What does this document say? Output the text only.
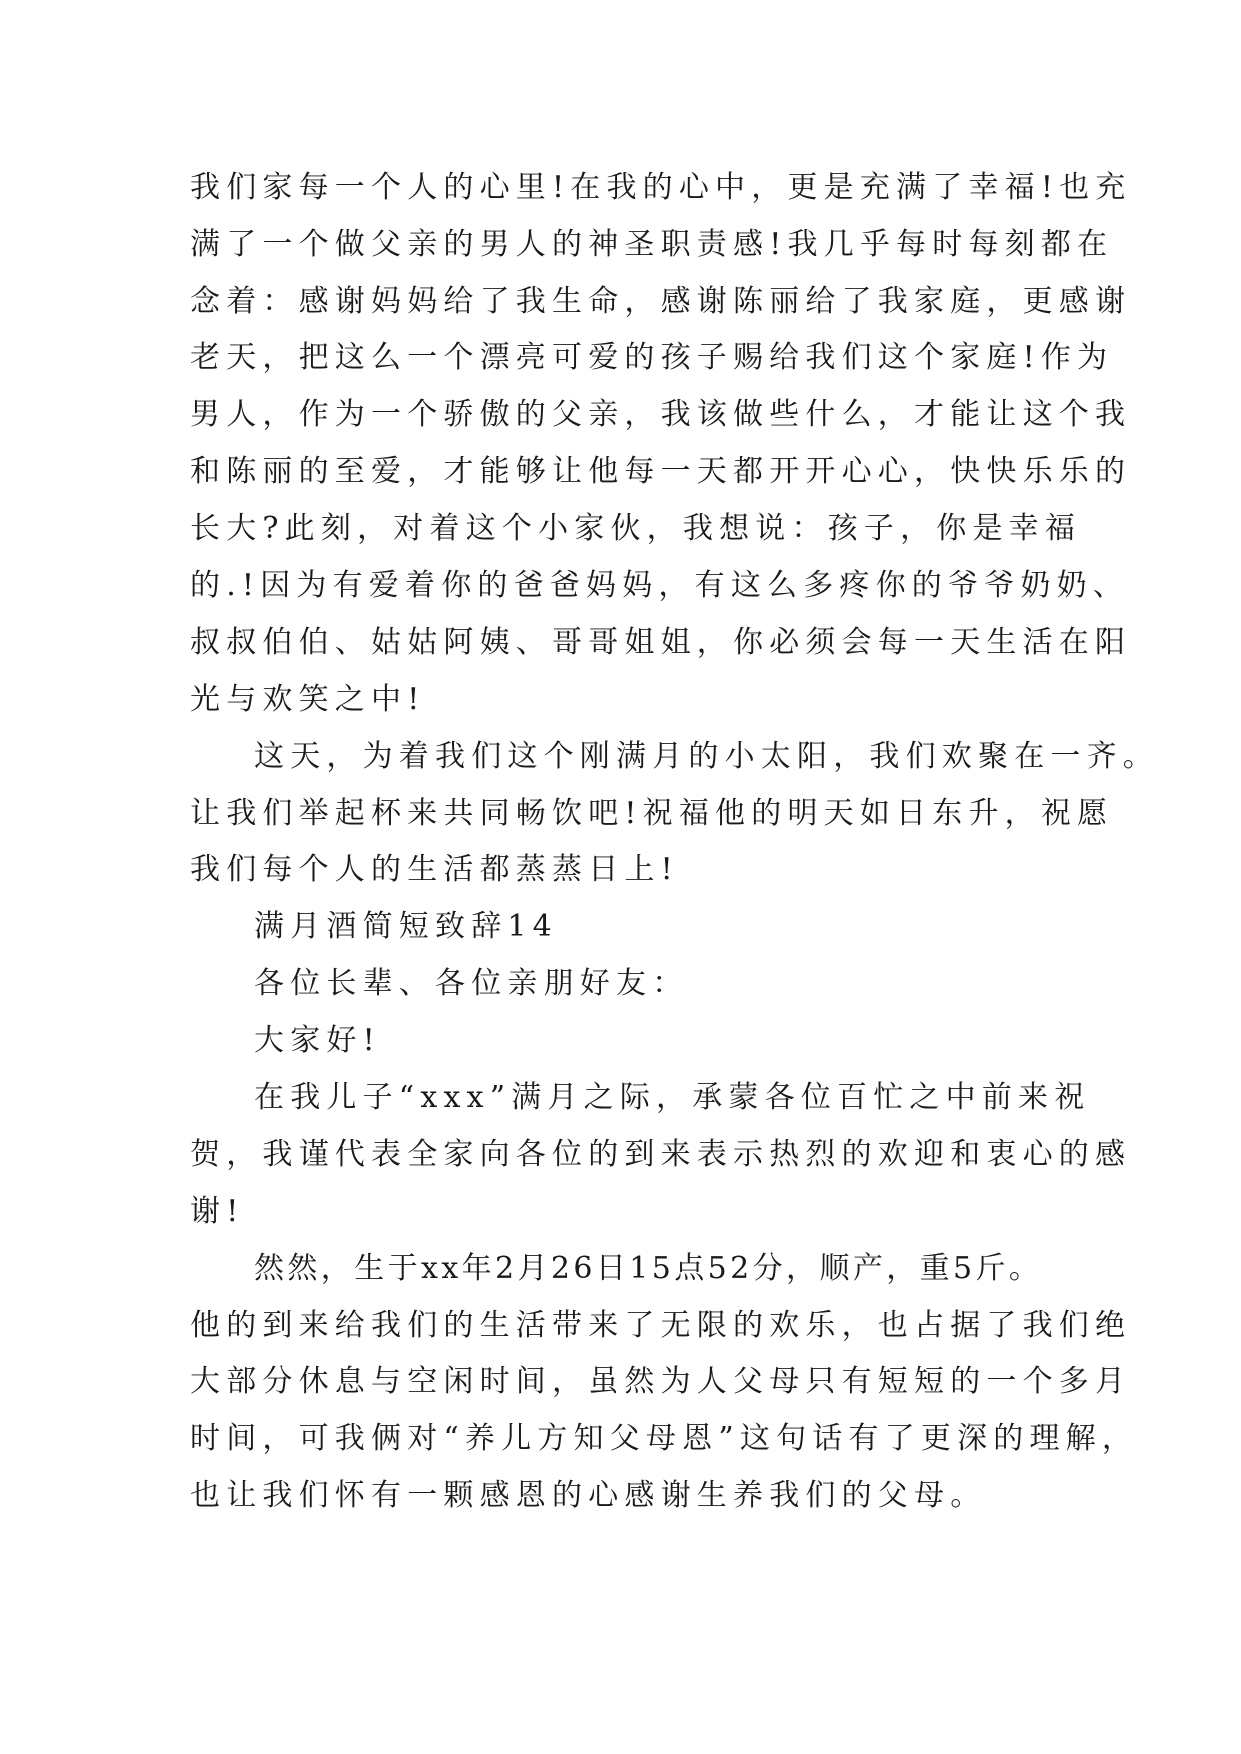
我们家每一个人的心里!在我的心中，更是充满了幸福!也充
满了一个做父亲的男人的神圣职责感!我几乎每时每刻都在
念着：感谢妈妈给了我生命，感谢陈丽给了我家庭，更感谢
老天，把这么一个漂亮可爱的孩子赐给我们这个家庭!作为
男人，作为一个骄傲的父亲，我该做些什么，才能让这个我
和陈丽的至爱，才能够让他每一天都开开心心，快快乐乐的
长大?此刻，对着这个小家伙，我想说：孩子，你是幸福
的.!因为有爱着你的爸爸妈妈，有这么多疼你的爷爷奶奶、
叔叔伯伯、姑姑阿姨、哥哥姐姐，你必须会每一天生活在阳
光与欢笑之中!
这天，为着我们这个刚满月的小太阳，我们欢聚在一齐。
让我们举起杯来共同畅饮吧!祝福他的明天如日东升，祝愿
我们每个人的生活都蒸蒸日上!
满月酒简短致辞14
各位长辈、各位亲朋好友：
大家好!
在我儿子“xxx”满月之际，承蒙各位百忙之中前来祝
贺，我谨代表全家向各位的到来表示热烈的欢迎和衷心的感
谢!
然然，生于xx年2月26日15点52分，顺产，重5斤。
他的到来给我们的生活带来了无限的欢乐，也占据了我们绝
大部分休息与空闲时间，虽然为人父母只有短短的一个多月
时间，可我俩对“养儿方知父母恩”这句话有了更深的理解，
也让我们怀有一颗感恩的心感谢生养我们的父母。
